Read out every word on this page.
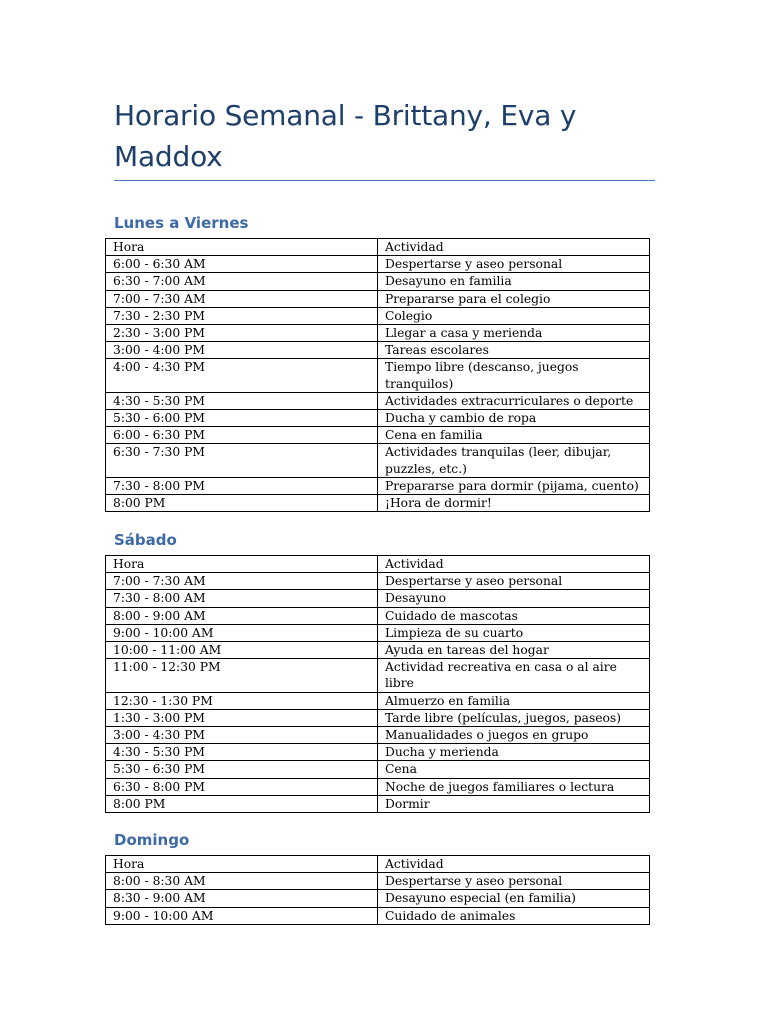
Horario Semanal - Brittany, Eva y Maddox
Lunes a Viernes
Hora	Actividad
6:00 - 6:30 AM	Despertarse y aseo personal
6:30 - 7:00 AM	Desayuno en familia
7:00 - 7:30 AM	Prepararse para el colegio
7:30 - 2:30 PM	Colegio
2:30 - 3:00 PM	Llegar a casa y merienda
3:00 - 4:00 PM	Tareas escolares
4:00 - 4:30 PM	Tiempo libre (descanso, juegos tranquilos)
4:30 - 5:30 PM	Actividades extracurriculares o deporte
5:30 - 6:00 PM	Ducha y cambio de ropa
6:00 - 6:30 PM	Cena en familia
6:30 - 7:30 PM	Actividades tranquilas (leer, dibujar, puzzles, etc.)
7:30 - 8:00 PM	Prepararse para dormir (pijama, cuento)
8:00 PM	¡Hora de dormir!
Sábado
Hora	Actividad
7:00 - 7:30 AM	Despertarse y aseo personal
7:30 - 8:00 AM	Desayuno
8:00 - 9:00 AM	Cuidado de mascotas
9:00 - 10:00 AM	Limpieza de su cuarto
10:00 - 11:00 AM	Ayuda en tareas del hogar
11:00 - 12:30 PM	Actividad recreativa en casa o al aire libre
12:30 - 1:30 PM	Almuerzo en familia
1:30 - 3:00 PM	Tarde libre (películas, juegos, paseos)
3:00 - 4:30 PM	Manualidades o juegos en grupo
4:30 - 5:30 PM	Ducha y merienda
5:30 - 6:30 PM	Cena
6:30 - 8:00 PM	Noche de juegos familiares o lectura
8:00 PM	Dormir
Domingo
Hora	Actividad
8:00 - 8:30 AM	Despertarse y aseo personal
8:30 - 9:00 AM	Desayuno especial (en familia)
9:00 - 10:00 AM	Cuidado de animales
